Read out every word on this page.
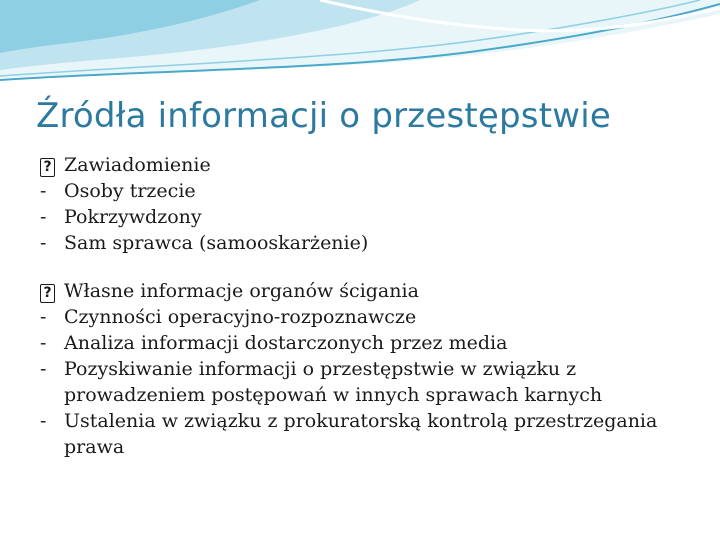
Źródła informacji o przestępstwie
? Zawiadomienie
- Osoby trzecie
- Pokrzywdzony
- Sam sprawca (samooskarżenie)
? Własne informacje organów ścigania
- Czynności operacyjno-rozpoznawcze
- Analiza informacji dostarczonych przez media
- Pozyskiwanie informacji o przestępstwie w związku z prowadzeniem postępowań w innych sprawach karnych
- Ustalenia w związku z prokuratorską kontrolą przestrzegania prawa
